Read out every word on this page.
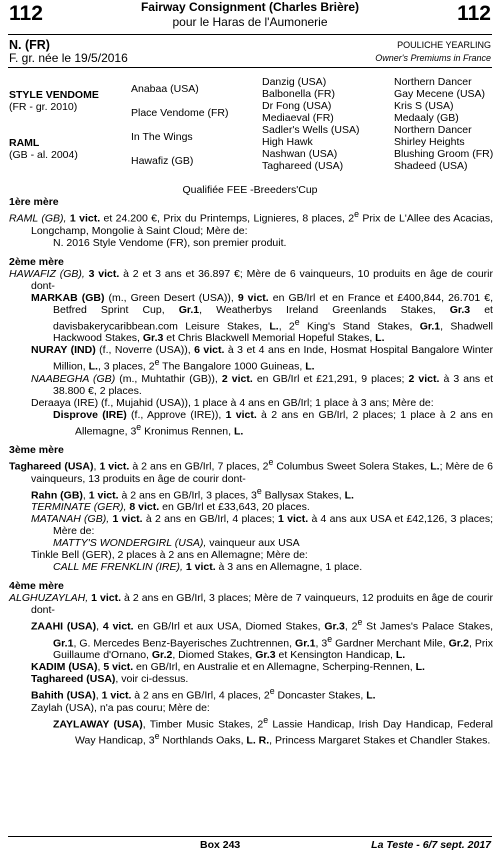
112	112
Fairway Consignment (Charles Brière)
pour le Haras de l'Aumonerie
N. (FR)
F. gr. née le 19/5/2016
POULICHE YEARLING
Owner's Premiums in France
STYLE VENDOME
(FR - gr. 2010)
RAML
(GB - al. 2004)
Anabaa (USA)
Place Vendome (FR)
In The Wings
Hawafiz (GB)
Danzig (USA)
Balbonella (FR)
Dr Fong (USA)
Mediaeval (FR)
Sadler's Wells (USA)
High Hawk
Nashwan (USA)
Taghareed (USA)
Northern Dancer
Gay Mecene (USA)
Kris S (USA)
Medaaly (GB)
Northern Dancer
Shirley Heights
Blushing Groom (FR)
Shadeed (USA)
Qualifiée FEE -Breeders'Cup

1ère mère

RAML (GB), 1 vict. et 24.200 €, Prix du Printemps, Lignieres, 8 places, 2e Prix de L'Allee des Acacias, Longchamp, Mongolie à Saint Cloud; Mère de:

N. 2016 Style Vendome (FR), son premier produit.

2ème mère

HAWAFIZ (GB), 3 vict. à 2 et 3 ans et 36.897 €; Mère de 6 vainqueurs, 10 produits en âge de courir dont-

MARKAB (GB) (m., Green Desert (USA)), 9 vict. en GB/Irl et en France et £400,844, 26.701 €, Betfred Sprint Cup, Gr.1, Weatherbys Ireland Greenlands Stakes, Gr.3 et davisbakerycaribbean.com Leisure Stakes, L., 2e King's Stand Stakes, Gr.1, Shadwell Hackwood Stakes, Gr.3 et Chris Blackwell Memorial Hopeful Stakes, L.

NURAY (IND) (f., Noverre (USA)), 6 vict. à 3 et 4 ans en Inde, Hosmat Hospital Bangalore Winter Million, L., 3 places, 2e The Bangalore 1000 Guineas, L.

NAABEGHA (GB) (m., Muhtathir (GB)), 2 vict. en GB/Irl et £21,291, 9 places; 2 vict. à 3 ans et 38.800 €, 2 places.

Deraaya (IRE) (f., Mujahid (USA)), 1 place à 4 ans en GB/Irl; 1 place à 3 ans; Mère de:

Disprove (IRE) (f., Approve (IRE)), 1 vict. à 2 ans en GB/Irl, 2 places; 1 place à 2 ans en Allemagne, 3e Kronimus Rennen, L.

3ème mère

Taghareed (USA), 1 vict. à 2 ans en GB/Irl, 7 places, 2e Columbus Sweet Solera Stakes, L.; Mère de 6 vainqueurs, 13 produits en âge de courir dont-

Rahn (GB), 1 vict. à 2 ans en GB/Irl, 3 places, 3e Ballysax Stakes, L.

TERMINATE (GER), 8 vict. en GB/Irl et £33,643, 20 places.

MATANAH (GB), 1 vict. à 2 ans en GB/Irl, 4 places; 1 vict. à 4 ans aux USA et £42,126, 3 places; Mère de:

MATTY'S WONDERGIRL (USA), vainqueur aux USA

Tinkle Bell (GER), 2 places à 2 ans en Allemagne; Mère de:

CALL ME FRENKLIN (IRE), 1 vict. à 3 ans en Allemagne, 1 place.

4ème mère

ALGHUZAYLAH, 1 vict. à 2 ans en GB/Irl, 3 places; Mère de 7 vainqueurs, 12 produits en âge de courir dont-

ZAAHI (USA), 4 vict. en GB/Irl et aux USA, Diomed Stakes, Gr.3, 2e St James's Palace Stakes, Gr.1, G. Mercedes Benz-Bayerisches Zuchtrennen, Gr.1, 3e Gardner Merchant Mile, Gr.2, Prix Guillaume d'Ornano, Gr.2, Diomed Stakes, Gr.3 et Kensington Handicap, L.

KADIM (USA), 5 vict. en GB/Irl, en Australie et en Allemagne, Scherping-Rennen, L.

Taghareed (USA), voir ci-dessus.

Bahith (USA), 1 vict. à 2 ans en GB/Irl, 4 places, 2e Doncaster Stakes, L.

Zaylah (USA), n'a pas couru; Mère de:

ZAYLAWAY (USA), Timber Music Stakes, 2e Lassie Handicap, Irish Day Handicap, Federal Way Handicap, 3e Northlands Oaks, L. R., Princess Margaret Stakes et Chandler Stakes.

Box 243	La Teste - 6/7 sept. 2017
